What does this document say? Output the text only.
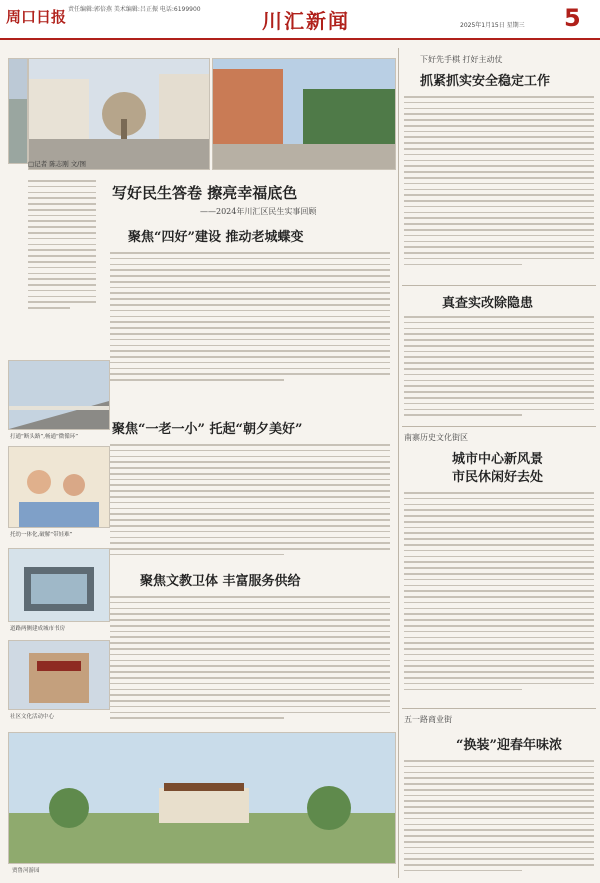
周口日报 责任编辑:郭倍燕 美术编辑:吕正振 电话:6199900	川汇新闻	2025年1月15日 星期三 5
□记者 陈志刚 文/图
写好民生答卷 擦亮幸福底色
——2024年川汇区民生实事回顾
打通“断头路”,畅通“微循环”
托幼一体化,破解“带娃难”
道路两侧建成城市书房
社区文化活动中心
贾鲁河游园
聚焦“四好”建设 推动老城蝶变
聚焦“一老一小” 托起“朝夕美好”
聚焦文教卫体 丰富服务供给
下好先手棋 打好主动仗
抓紧抓实安全稳定工作
真查实改除隐患
南寨历史文化街区
城市中心新风景
市民休闲好去处
五一路商业街
“换装”迎春年味浓
